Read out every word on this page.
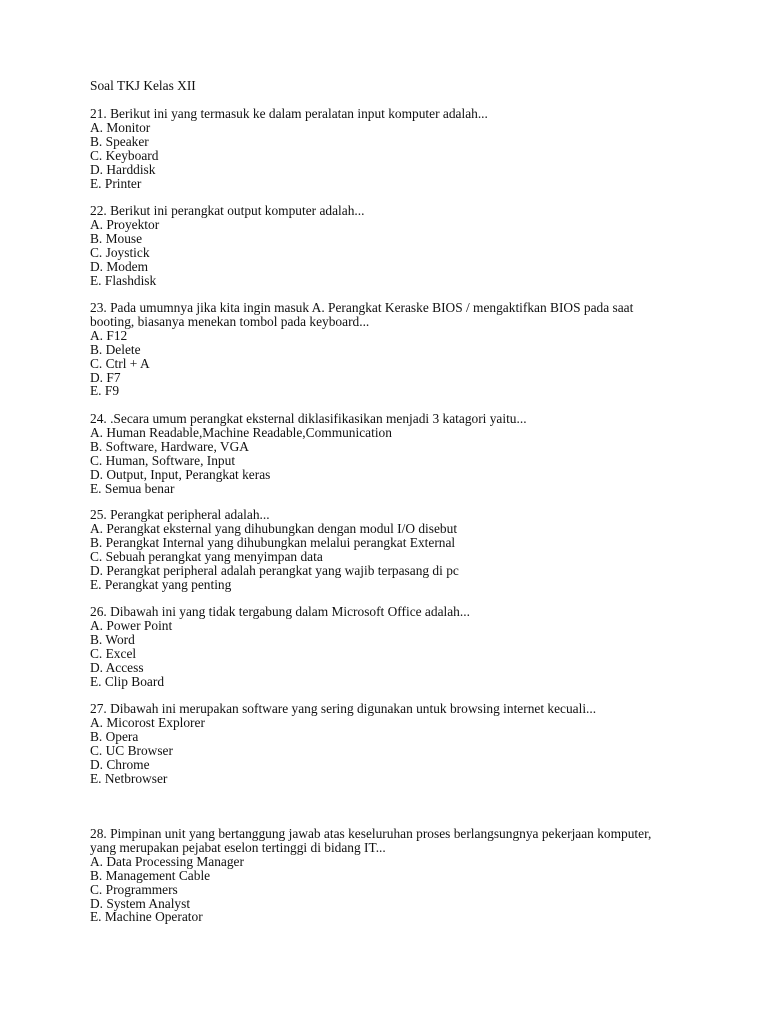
Soal TKJ Kelas XII

21. Berikut ini yang termasuk ke dalam peralatan input komputer adalah...

A. Monitor
B. Speaker
C. Keyboard
D. Harddisk
E. Printer

22. Berikut ini perangkat output komputer adalah...

A. Proyektor
B. Mouse
C. Joystick
D. Modem
E. Flashdisk

23. Pada umumnya jika kita ingin masuk A. Perangkat Keraske BIOS / mengaktifkan BIOS pada saat
booting, biasanya menekan tombol pada keyboard...

A. F12
B. Delete
C. Ctrl + A
D. F7
E. F9

24. .Secara umum perangkat eksternal diklasifikasikan menjadi 3 katagori yaitu...

A. Human Readable,Machine Readable,Communication
B. Software, Hardware, VGA
C. Human, Software, Input
D. Output, Input, Perangkat keras
E. Semua benar

25. Perangkat peripheral adalah...

A. Perangkat eksternal yang dihubungkan dengan modul I/O disebut
B. Perangkat Internal yang dihubungkan melalui perangkat External
C. Sebuah perangkat yang menyimpan data
D. Perangkat peripheral adalah perangkat yang wajib terpasang di pc
E. Perangkat yang penting

26. Dibawah ini yang tidak tergabung dalam Microsoft Office adalah...

A. Power Point
B. Word
C. Excel
D. Access
E. Clip Board

27. Dibawah ini merupakan software yang sering digunakan untuk browsing internet kecuali...

A. Micorost Explorer
B. Opera
C. UC Browser
D. Chrome
E. Netbrowser

28. Pimpinan unit yang bertanggung jawab atas keseluruhan proses berlangsungnya pekerjaan komputer,
yang merupakan pejabat eselon tertinggi di bidang IT...

A. Data Processing Manager
B. Management Cable
C. Programmers
D. System Analyst
E. Machine Operator
